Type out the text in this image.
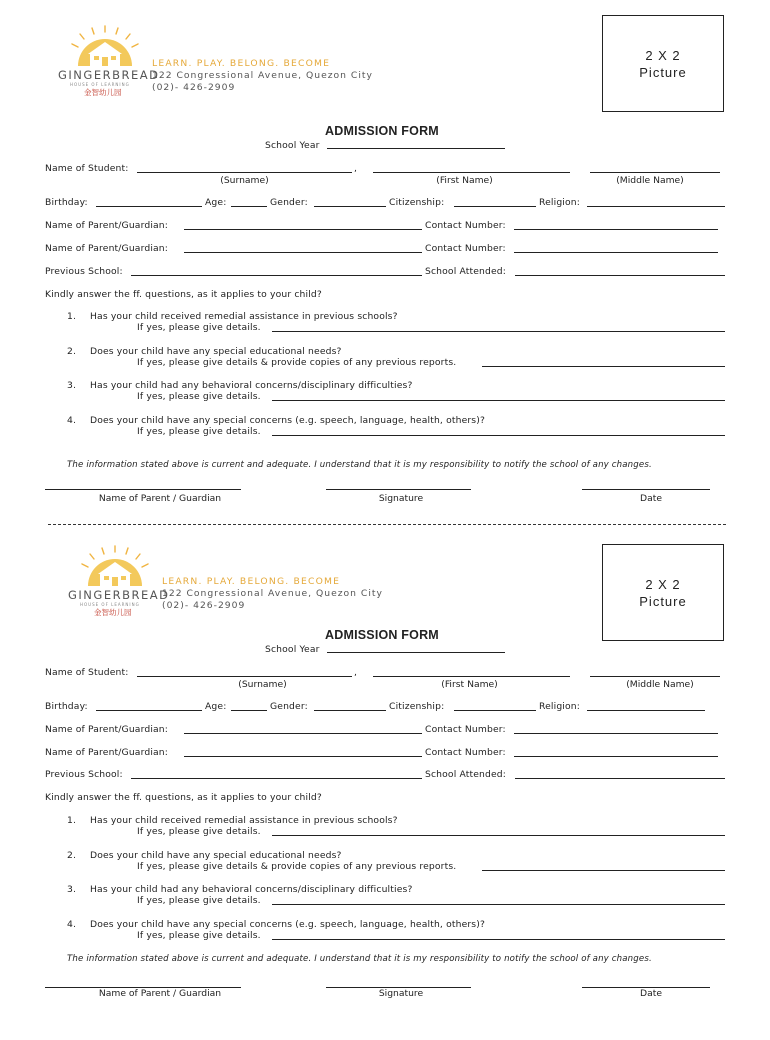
GINGERBREAD
HOUSE OF LEARNING
金智幼儿园
LEARN. PLAY. BELONG. BECOME
122 Congressional Avenue, Quezon City
(02)- 426-2909
2 X 2
Picture
ADMISSION FORM
School Year
Name of Student:	,
(Surname)	(First Name)	(Middle Name)
Birthday:	Age:	Gender:	Citizenship:	Religion:
Name of Parent/Guardian:	Contact Number:
Name of Parent/Guardian:	Contact Number:
Previous School:	School Attended:
Kindly answer the ff. questions, as it applies to your child?
1. Has your child received remedial assistance in previous schools?
If yes, please give details.
2. Does your child have any special educational needs?
If yes, please give details & provide copies of any previous reports.
3. Has your child had any behavioral concerns/disciplinary difficulties?
If yes, please give details.
4. Does your child have any special concerns (e.g. speech, language, health, others)?
If yes, please give details.
The information stated above is current and adequate. I understand that it is my responsibility to notify the school of any changes.
Name of Parent / Guardian	Signature	Date
GINGERBREAD
HOUSE OF LEARNING
金智幼儿园
LEARN. PLAY. BELONG. BECOME
122 Congressional Avenue, Quezon City
(02)- 426-2909
2 X 2
Picture
ADMISSION FORM
School Year
Name of Student:	,
(Surname)	(First Name)	(Middle Name)
Birthday:	Age:	Gender:	Citizenship:	Religion:
Name of Parent/Guardian:	Contact Number:
Name of Parent/Guardian:	Contact Number:
Previous School:	School Attended:
Kindly answer the ff. questions, as it applies to your child?
1. Has your child received remedial assistance in previous schools?
If yes, please give details.
2. Does your child have any special educational needs?
If yes, please give details & provide copies of any previous reports.
3. Has your child had any behavioral concerns/disciplinary difficulties?
If yes, please give details.
4. Does your child have any special concerns (e.g. speech, language, health, others)?
If yes, please give details.
The information stated above is current and adequate. I understand that it is my responsibility to notify the school of any changes.
Name of Parent / Guardian	Signature	Date
